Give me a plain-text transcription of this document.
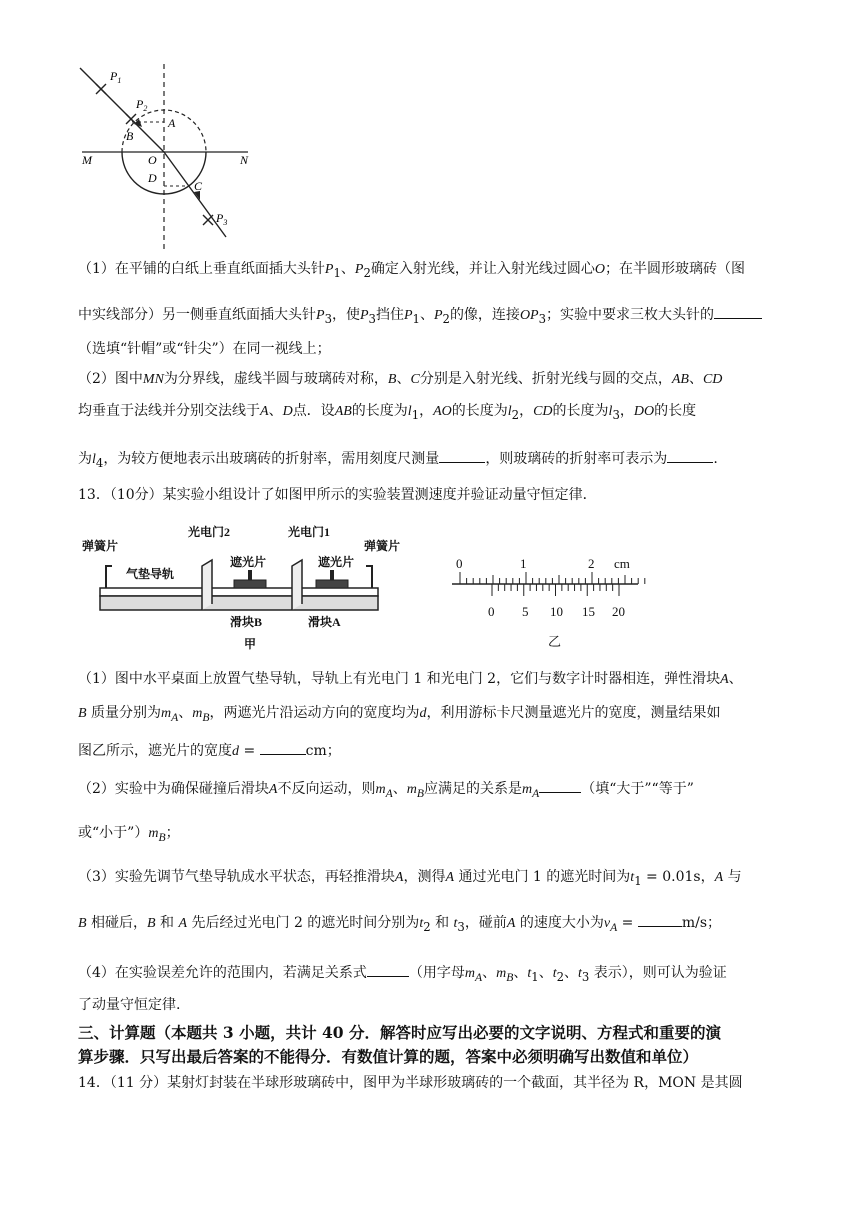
$P_1$
$P_2$
$P_3$
A
B
O
D
C
M	N
（1）在平铺的白纸上垂直纸面插大头针$P_1$、$P_2$确定入射光线，并让入射光线过圆心O；在半圆形玻璃砖（图
中实线部分）另一侧垂直纸面插大头针$P_3$，使$P_3$挡住$P_1$、$P_2$的像，连接$OP_3$；实验中要求三枚大头针的
（选填“针帽”或“针尖”）在同一视线上；
（2）图中MN为分界线，虚线半圆与玻璃砖对称，B、C分别是入射光线、折射光线与圆的交点，AB、CD
均垂直于法线并分别交法线于A、D点．设AB的长度为$l_1$，AO的长度为$l_2$，CD的长度为$l_3$，DO的长度
为$l_4$，为较方便地表示出玻璃砖的折射率，需用刻度尺测量	，则玻璃砖的折射率可表示为	.
13．（10分）某实验小组设计了如图甲所示的实验装置测速度并验证动量守恒定律．
弹簧片
光电门2	光电门1
遮光片	遮光片
弹簧片
气垫导轨
滑块B	滑块A
甲
0	1	2 cm
0 5 10 15 20
乙
（1）图中水平桌面上放置气垫导轨，导轨上有光电门 1 和光电门 2，它们与数字计时器相连，弹性滑块A、
B 质量分别为$m_A$、$m_B$，两遮光片沿运动方向的宽度均为d，利用游标卡尺测量遮光片的宽度，测量结果如
图乙所示，遮光片的宽度d =	cm；
（2）实验中为确保碰撞后滑块A不反向运动，则$m_A$、$m_B$应满足的关系是$m_A$	（填“大于”“等于”
或“小于$”)m_B$；
（3）实验先调节气垫导轨成水平状态，再轻推滑块A，测得A 通过光电门 1 的遮光时间为$t_1 = 0.01s$，A 与
B 相碰后，B 和 A 先后经过光电门 2 的遮光时间分别为$t_2$ 和 $t_3$，碰前A 的速度大小为$v_A$ =	m/s；
（4）在实验误差允许的范围内，若满足关系式	（用字母$m_A$、$m_B$、$t_1$、$t_2$、$t_3$ 表示），则可认为验证
了动量守恒定律.
三、计算题（本题共 3 小题，共计 40 分．解答时应写出必要的文字说明、方程式和重要的演
算步骤．只写出最后答案的不能得分．有数值计算的题，答案中必须明确写出数值和单位）
14．（11 分）某射灯封装在半球形玻璃砖中，图甲为半球形玻璃砖的一个截面，其半径为 R，MON 是其圆
